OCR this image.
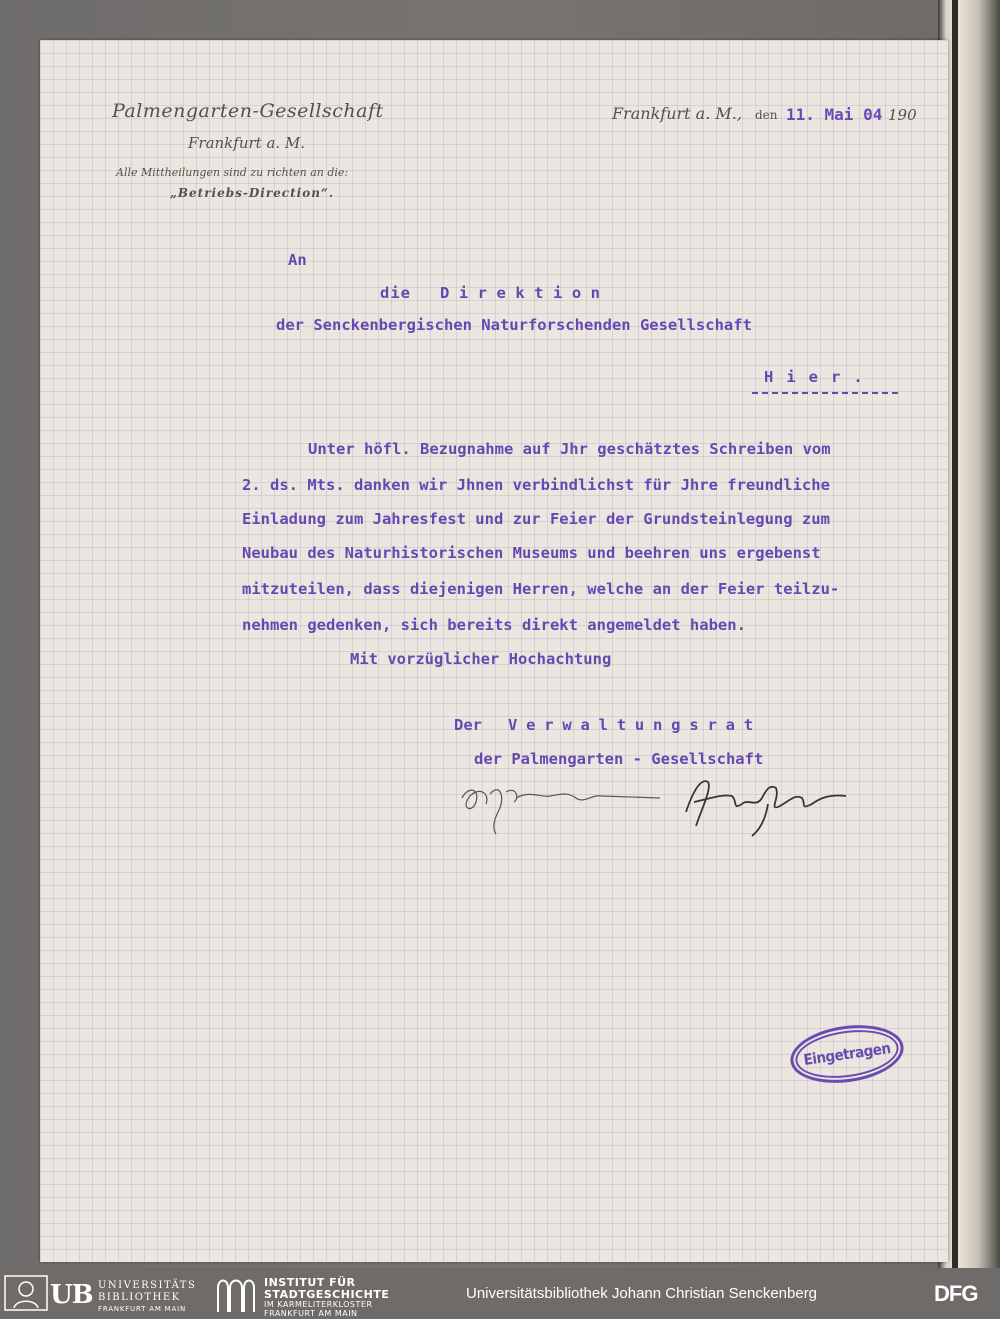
Palmengarten-Gesellschaft
Frankfurt a. M.
Alle Mittheilungen sind zu richten an die:
„Betriebs-Direction“.
Frankfurt a. M., den 11. Mai 04 190
An
die Direktion
der Senckenbergischen Naturforschenden Gesellschaft
Hier.
Unter höfl. Bezugnahme auf Jhr geschätztes Schreiben vom
2. ds. Mts. danken wir Jhnen verbindlichst für Jhre freundliche
Einladung zum Jahresfest und zur Feier der Grundsteinlegung zum
Neubau des Naturhistorischen Museums und beehren uns ergebenst
mitzuteilen, dass diejenigen Herren, welche an der Feier teilzu-
nehmen gedenken, sich bereits direkt angemeldet haben.
Mit vorzüglicher Hochachtung
Der Verwaltungsrat
der Palmengarten - Gesellschaft
Eingetragen
UB UNIVERSITÄTS
BIBLIOTHEK
FRANKFURT AM MAIN
INSTITUT FÜR
STADTGESCHICHTE
IM KARMELITERKLOSTER
FRANKFURT AM MAIN
Universitätsbibliothek Johann Christian Senckenberg	DFG
